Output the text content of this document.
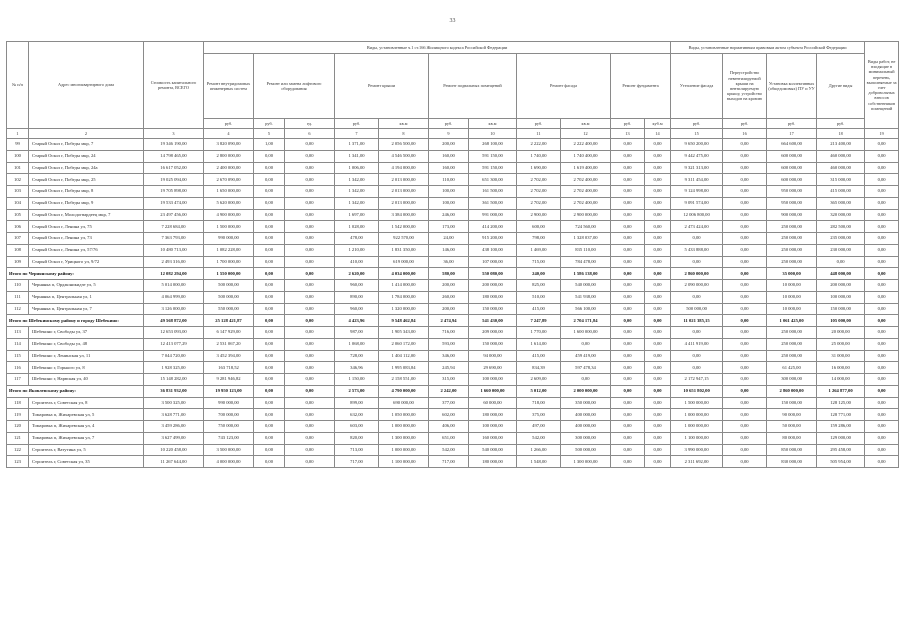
33
№ п/п	Адрес многоквартирного дома	Стоимость капитального ремонта, ВСЕГО	Виды, установленные ч.1 ст.166 Жилищного кодекса Российской Федерации											Виды, установленные нормативным правовым актом субъекта Российской Федерации				Виды работ, не входящие в минимальный перечень, выполняемые за счет добровольных взносов собственников помещений	
			Ремонт внутридомовых инженерных систем	Ремонт или замена лифтового оборудования		Ремонт крыши		Ремонт подвальных помещений		Ремонт фасада		Ремонт фундамента		Утепление фасада	Переустройство невентилируемой крыши на вентилируемую крышу, устройство выходов на кровлю	Установка коллективных (общедомовых) ПУ и УУ	Другие виды		
			руб.	руб.	ед.	руб.	кв.м	руб.	кв.м	руб.	кв.м	руб.	куб.м	руб.	руб.	руб.	руб.		
1	2	3	4	5	6	7	8	9	10	11	12	13	14	15	16	17	18	19	
99	Старый Оскол г, Победы мкр, 7	19 346 190,00	3 820 090,00	1,00	0,00	1 371,00	2 056 500,00	200,00	268 100,00	2 222,00	2 222 400,00	0,00	0,00	9 650 200,00	0,00	664 600,00	213 400,00	0,00	
100	Старый Оскол г, Победы мкр, 24	14 798 465,00	2 800 000,00	0,00	0,00	1 341,00	4 546 500,00	160,00	591 150,00	1 740,00	1 740 400,00	0,00	0,00	9 442 475,00	0,00	600 000,00	460 000,00	0,00	
101	Старый Оскол г, Победы мкр, 24а	16 617 052,00	2 400 000,00	0,00	0,00	1 006,00	4 194 000,00	160,00	591 150,00	1 690,00	1 619 400,00	0,00	0,00	9 321 313,00	0,00	600 000,00	460 000,00	0,00	
102	Старый Оскол г, Победы мкр, 25	19 025 094,00	2 670 090,00	0,00	0,00	1 342,00	2 013 000,00	110,00	651 300,00	2 702,00	2 702 400,00	0,00	0,00	9 311 454,00	0,00	600 000,00	315 000,00	0,00	
103	Старый Оскол г, Победы мкр, 8	19 705 898,00	1 650 000,00	0,00	0,00	1 342,00	2 013 000,00	100,00	161 500,00	2 702,00	2 702 400,00	0,00	0,00	9 124 998,00	0,00	950 000,00	415 000,00	0,00	
104	Старый Оскол г, Победы мкр, 9	19 533 474,00	5 620 000,00	0,00	0,00	1 342,00	2 013 000,00	100,00	361 500,00	2 702,00	2 702 400,00	0,00	0,00	9 091 574,00	0,00	950 000,00	365 000,00	0,00	
105	Старый Оскол г, Молодогвардеец мкр, 7	23 497 456,00	4 900 000,00	0,00	0,00	1 697,00	3 384 000,00	246,00	991 000,00	2 900,00	2 900 000,00	0,00	0,00	12 006 800,00	0,00	900 000,00	320 000,00	0,00	
106	Старый Оскол г, Ленина ул, 75	7 228 684,00	1 500 000,00	0,00	0,00	1 028,00	1 542 000,00	173,00	414 200,00	600,00	724 560,00	0,00	0,00	2 473 424,00	0,00	250 000,00	282 500,00	0,00	
107	Старый Оскол г, Ленина ул, 73	7 363 793,00	990 000,00	0,00	0,00	478,00	922 570,00	24,00	915 200,00	798,00	1 328 037,00	0,00	0,00	0,00	0,00	250 000,00	235 000,00	0,00	
108	Старый Оскол г, Ленина ул, 57/76	10 480 713,00	1 082 228,00	0,00	0,00	1 210,00	1 831 350,00	146,00	438 100,00	1 469,00	835 110,00	0,00	0,00	5 433 888,00	0,00	250 000,00	230 000,00	0,00	
109	Старый Оскол г, Урицкого ул, 9/72	2 493 316,00	1 700 000,00	0,00	0,00	410,00	619 000,00	36,00	107 000,00	715,00	784 478,00	0,00	0,00	0,00	0,00	250 000,00	0,00	0,00	
Итого по Чернянскому району:		12 082 294,00	1 550 000,00	0,00	0,00	2 620,00	4 034 000,00	580,00	550 080,00	240,00	1 586 138,00	0,00	0,00	2 860 000,00	0,00	35 000,00	448 000,00	0,00	
110	Чернянка п, Орджоникидзе ул, 5	5 014 000,00	500 000,00	0,00	0,00	960,00	1 414 000,00	200,00	200 000,00	825,00	540 000,00	0,00	0,00	2 090 000,00	0,00	10 000,00	200 000,00	0,00	
111	Чернянка п, Центральная ул, 1	4 064 999,00	500 000,00	0,00	0,00	890,00	1 784 000,00	260,00	180 000,00	510,00	541 938,00	0,00	0,00	0,00	0,00	10 000,00	100 000,00	0,00	
112	Чернянка п, Центральная ул, 7	3 126 000,00	550 000,00	0,00	0,00	960,00	1 320 000,00	200,00	150 000,00	415,00	566 100,00	0,00	0,00	500 000,00	0,00	10 000,00	150 000,00	0,00	
Итого по Шебекинскому району и городу Шебекино:		49 568 872,00	25 128 421,87	0,00	0,00	4 423,96	9 548 462,84	2 474,94	541 430,00	7 247,89	2 704 171,84	0,00	0,00	11 021 385,15	0,00	1 061 425,00	105 000,00	0,00	
113	Шебекино г, Свободы ул, 37	12 653 093,00	6 147 929,00	0,00	0,00	987,00	1 905 343,00	716,00	209 000,00	1 770,00	1 600 000,00	0,00	0,00	0,00	0,00	250 000,00	20 000,00	0,00	
114	Шебекино г, Свободы ул, 48	12 413 077,29	2 531 067,20	0,00	0,00	1 068,00	2 060 172,00	593,00	150 000,00	1 614,00	0,00	0,00	0,00	4 411 919,00	0,00	250 000,00	25 000,00	0,00	
115	Шебекино г, Ленинская ул, 11	7 044 720,00	3 452 394,00	0,00	0,00	728,00	1 404 112,00	346,00	94 000,00	415,00	459 419,00	0,00	0,00	0,00	0,00	250 000,00	31 000,00	0,00	
116	Шебекино г, Горького ул, 8	1 928 325,00	163 718,52	0,00	0,00	346,96	1 995 083,84	245,94	29 690,00	834,39	597 478,34	0,00	0,00	0,00	0,00	61 425,00	16 000,00	0,00	
117	Шебекино г, Нарвская ул, 40	15 148 282,00	9 281 946,82	0,00	0,00	1 150,00	2 158 551,00	315,00	100 000,00	2 609,00	0,00	0,00	0,00	2 172 947,15	0,00	300 000,00	14 000,00	0,00	
Итого по Яковлевскому району:		36 831 932,00	19 950 123,00	0,00	0,00	2 573,00	4 790 000,00	2 242,00	1 660 000,00	5 012,00	2 000 000,00	0,00	0,00	10 651 802,00	0,00	2 860 000,00	1 264 877,00	0,00	
118	Строитель г, Советская ул, 8	3 500 325,00	990 000,00	0,00	0,00	899,00	690 000,00	377,00	60 000,00	718,00	350 000,00	0,00	0,00	1 500 000,00	0,00	150 000,00	128 125,00	0,00	
119	Томаровка п, Жихаревская ул, 5	3 628 771,00	700 000,00	0,00	0,00	632,00	1 050 000,00	602,00	180 000,00	375,00	400 000,00	0,00	0,00	1 000 000,00	0,00	90 000,00	128 771,00	0,00	
120	Томаровка п, Жихаревская ул, 4	3 459 286,00	750 000,00	0,00	0,00	603,00	1 000 000,00	406,00	100 000,00	497,00	400 000,00	0,00	0,00	1 000 000,00	0,00	50 000,00	159 286,00	0,00	
121	Томаровка п, Жихаревская ул, 7	3 627 499,00	743 123,00	0,00	0,00	820,00	1 300 000,00	651,00	160 000,00	542,00	300 000,00	0,00	0,00	1 100 000,00	0,00	80 000,00	129 000,00	0,00	
122	Строитель г, Ватутина ул, 5	10 220 458,00	3 500 000,00	0,00	0,00	713,00	1 000 000,00	542,00	540 000,00	1 266,00	500 000,00	0,00	0,00	3 990 000,00	0,00	850 000,00	295 458,00	0,00	
123	Строитель г, Советская ул, 35	11 267 644,00	4 000 000,00	0,00	0,00	717,00	1 100 000,00	717,00	180 000,00	1 548,00	1 300 000,00	0,00	0,00	2 311 692,00	0,00	830 000,00	505 954,00	0,00	
